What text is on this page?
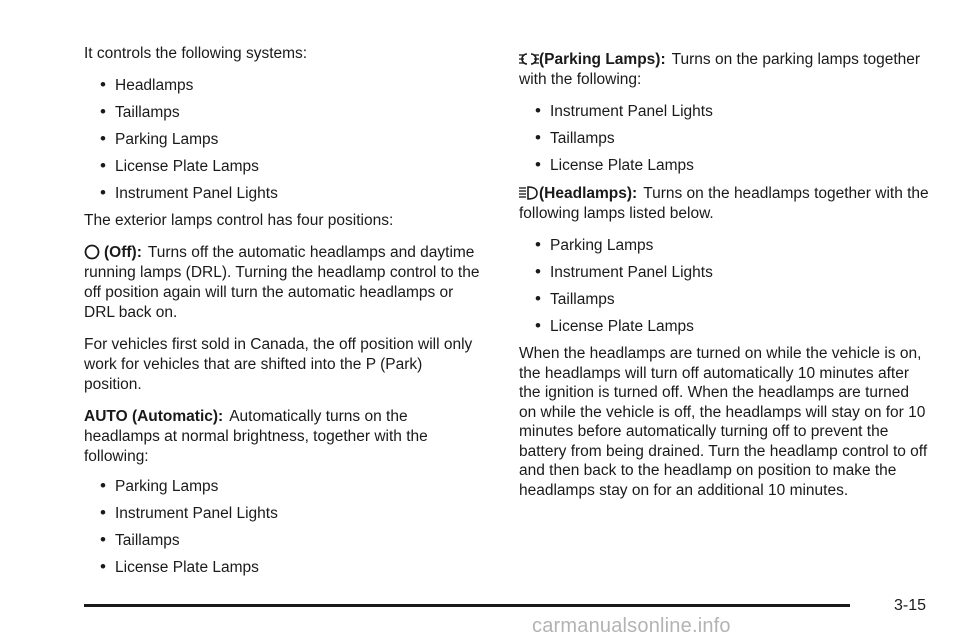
It controls the following systems:

• Headlamps
• Taillamps
• Parking Lamps
• License Plate Lamps
• Instrument Panel Lights

The exterior lamps control has four positions:

(Off): Turns off the automatic headlamps and daytime running lamps (DRL). Turning the headlamp control to the off position again will turn the automatic headlamps or DRL back on.

For vehicles first sold in Canada, the off position will only work for vehicles that are shifted into the P (Park) position.

AUTO (Automatic): Automatically turns on the headlamps at normal brightness, together with the following:

• Parking Lamps
• Instrument Panel Lights
• Taillamps
• License Plate Lamps

(Parking Lamps): Turns on the parking lamps together with the following:

• Instrument Panel Lights
• Taillamps
• License Plate Lamps

(Headlamps): Turns on the headlamps together with the following lamps listed below.

• Parking Lamps
• Instrument Panel Lights
• Taillamps
• License Plate Lamps

When the headlamps are turned on while the vehicle is on, the headlamps will turn off automatically 10 minutes after the ignition is turned off. When the headlamps are turned on while the vehicle is off, the headlamps will stay on for 10 minutes before automatically turning off to prevent the battery from being drained. Turn the headlamp control to off and then back to the headlamp on position to make the headlamps stay on for an additional 10 minutes.

3-15
carmanualsonline.info
